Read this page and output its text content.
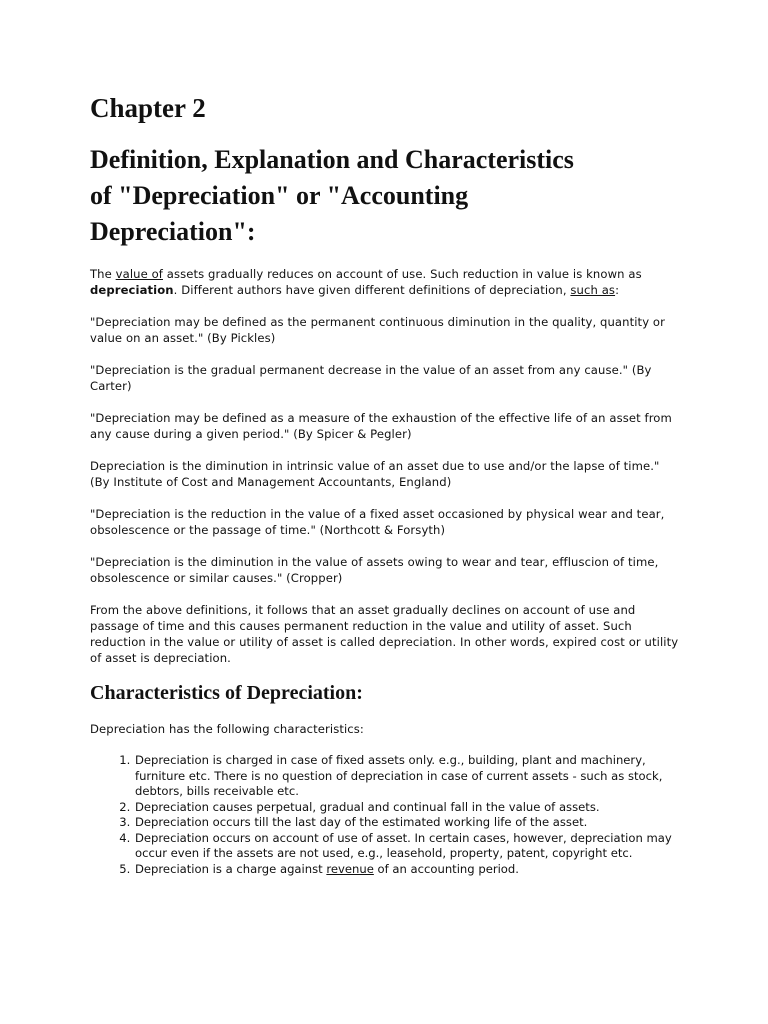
Chapter 2
Definition, Explanation and Characteristics
of "Depreciation" or "Accounting
Depreciation":

The value of assets gradually reduces on account of use. Such reduction in value is known as depreciation. Different authors have given different definitions of depreciation, such as:

"Depreciation may be defined as the permanent continuous diminution in the quality, quantity or value on an asset." (By Pickles)

"Depreciation is the gradual permanent decrease in the value of an asset from any cause." (By Carter)

"Depreciation may be defined as a measure of the exhaustion of the effective life of an asset from any cause during a given period." (By Spicer & Pegler)

Depreciation is the diminution in intrinsic value of an asset due to use and/or the lapse of time." (By Institute of Cost and Management Accountants, England)

"Depreciation is the reduction in the value of a fixed asset occasioned by physical wear and tear, obsolescence or the passage of time." (Northcott & Forsyth)

"Depreciation is the diminution in the value of assets owing to wear and tear, effluscion of time, obsolescence or similar causes." (Cropper)

From the above definitions, it follows that an asset gradually declines on account of use and passage of time and this causes permanent reduction in the value and utility of asset. Such reduction in the value or utility of asset is called depreciation. In other words, expired cost or utility of asset is depreciation.

Characteristics of Depreciation:

Depreciation has the following characteristics:

1. Depreciation is charged in case of fixed assets only. e.g., building, plant and machinery, furniture etc. There is no question of depreciation in case of current assets - such as stock, debtors, bills receivable etc.
2. Depreciation causes perpetual, gradual and continual fall in the value of assets.
3. Depreciation occurs till the last day of the estimated working life of the asset.
4. Depreciation occurs on account of use of asset. In certain cases, however, depreciation may occur even if the assets are not used, e.g., leasehold, property, patent, copyright etc.
5. Depreciation is a charge against revenue of an accounting period.
